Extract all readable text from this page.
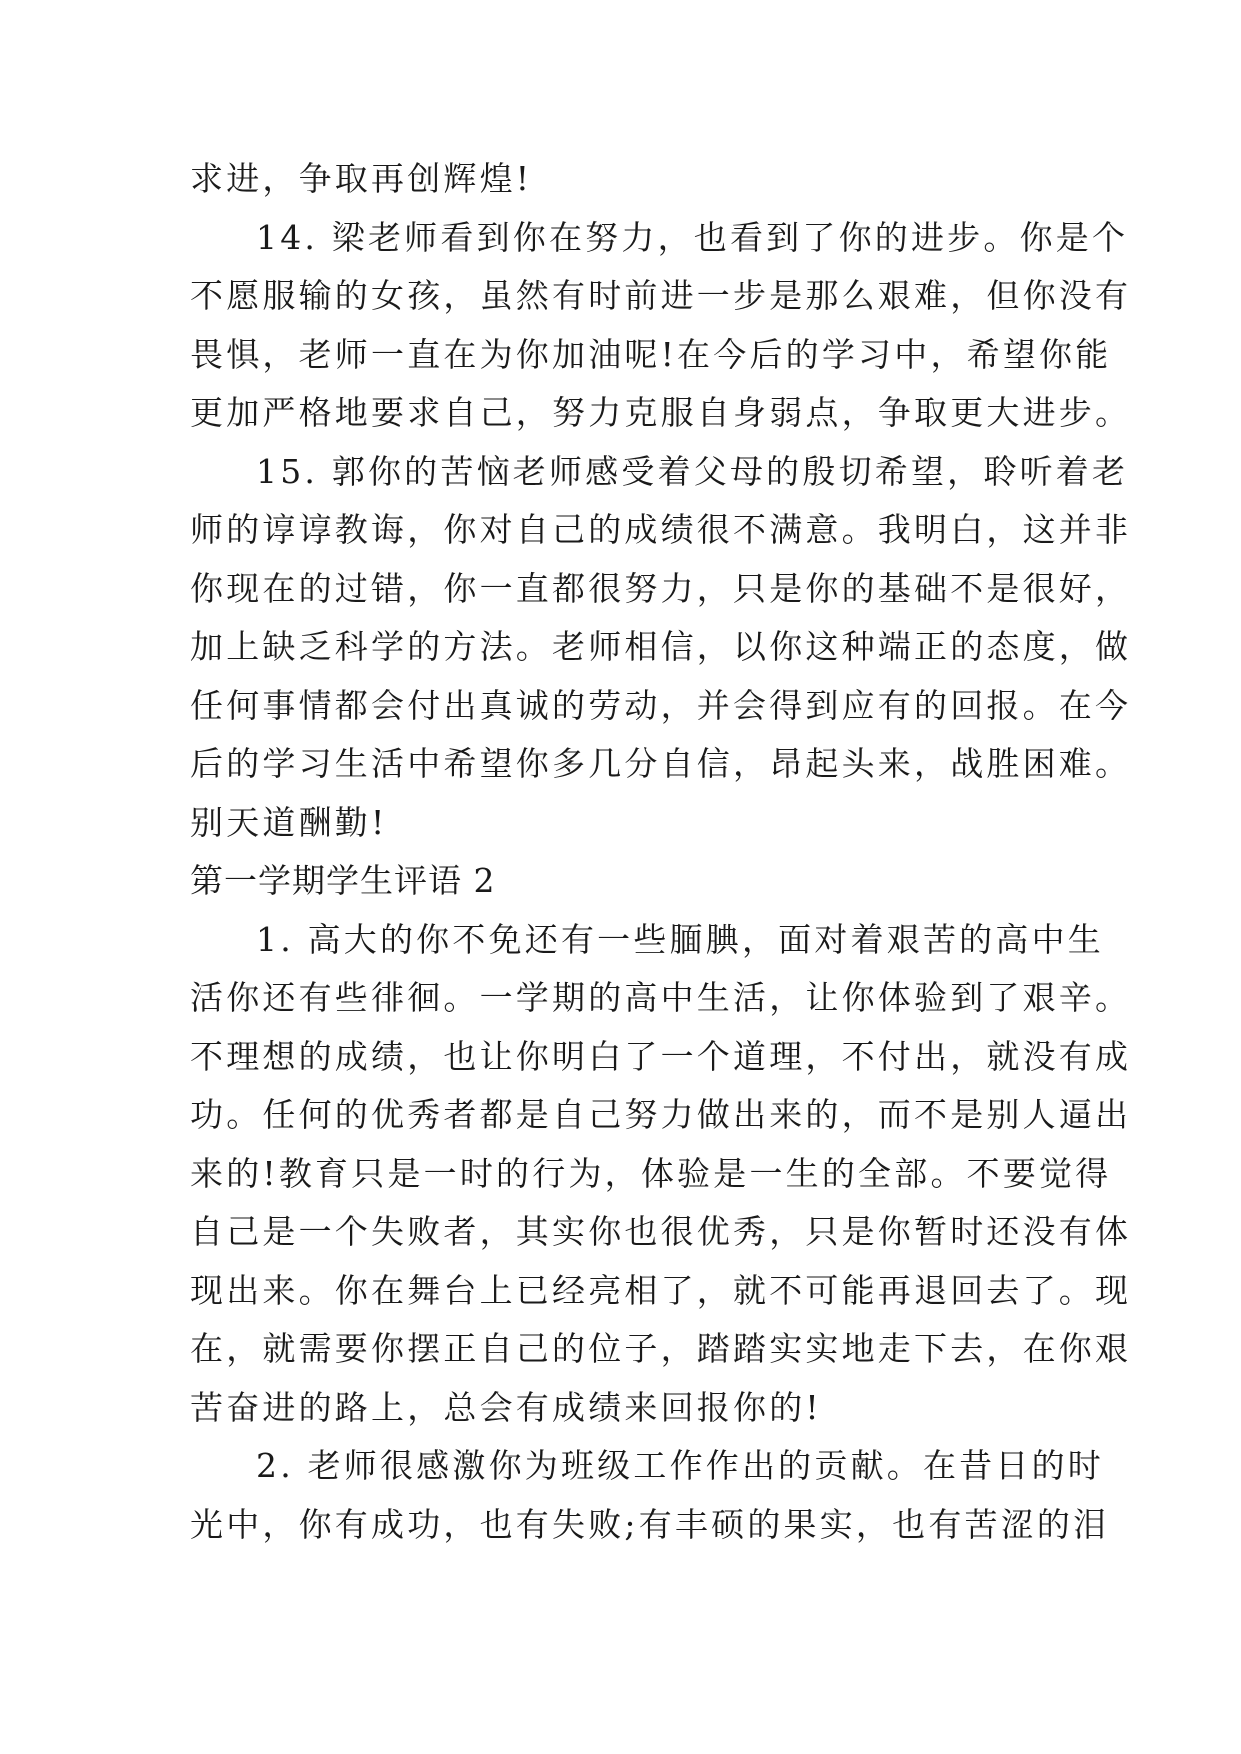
求进，争取再创辉煌!
14. 梁老师看到你在努力，也看到了你的进步。你是个
不愿服输的女孩，虽然有时前进一步是那么艰难，但你没有
畏惧，老师一直在为你加油呢!在今后的学习中，希望你能
更加严格地要求自己，努力克服自身弱点，争取更大进步。
15. 郭你的苦恼老师感受着父母的殷切希望，聆听着老
师的谆谆教诲，你对自己的成绩很不满意。我明白，这并非
你现在的过错，你一直都很努力，只是你的基础不是很好，
加上缺乏科学的方法。老师相信，以你这种端正的态度，做
任何事情都会付出真诚的劳动，并会得到应有的回报。在今
后的学习生活中希望你多几分自信，昂起头来，战胜困难。
别天道酬勤!
第一学期学生评语 2
1. 高大的你不免还有一些腼腆，面对着艰苦的高中生
活你还有些徘徊。一学期的高中生活，让你体验到了艰辛。
不理想的成绩，也让你明白了一个道理，不付出，就没有成
功。任何的优秀者都是自己努力做出来的，而不是别人逼出
来的!教育只是一时的行为，体验是一生的全部。不要觉得
自己是一个失败者，其实你也很优秀，只是你暂时还没有体
现出来。你在舞台上已经亮相了，就不可能再退回去了。现
在，就需要你摆正自己的位子，踏踏实实地走下去，在你艰
苦奋进的路上，总会有成绩来回报你的!
2. 老师很感激你为班级工作作出的贡献。在昔日的时
光中，你有成功，也有失败;有丰硕的果实，也有苦涩的泪
